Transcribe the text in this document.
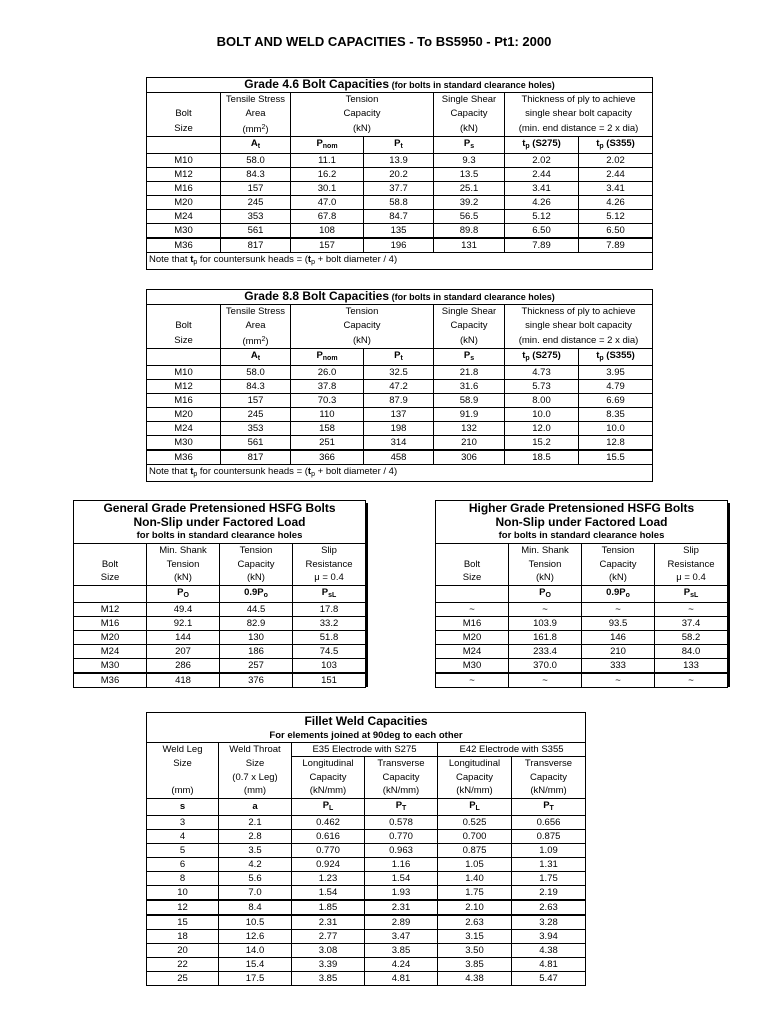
BOLT AND WELD CAPACITIES - To BS5950 - Pt1: 2000
Grade 4.6 Bolt Capacities (for bolts in standard clearance holes)						
	Tensile Stress	Tension		Single Shear	Thickness of ply to achieve	
Bolt	Area	Capacity		Capacity	single shear bolt capacity	
Size	$(mm^2)$	(kN)		(kN)	(min. end distance = 2 x dia)	
	$A_t$	$P_{nom}$	$P_t$	$P_s$	$t_p$ (S275)	$t_p$ (S355)
M10	58.0	11.1	13.9	9.3	2.02	2.02
M12	84.3	16.2	20.2	13.5	2.44	2.44
M16	157	30.1	37.7	25.1	3.41	3.41
M20	245	47.0	58.8	39.2	4.26	4.26
M24	353	67.8	84.7	56.5	5.12	5.12
M30	561	108	135	89.8	6.50	6.50
M36	817	157	196	131	7.89	7.89
Note that $t_p$ for countersunk heads = ($t_p$ + bolt diameter / 4)						
Grade 8.8 Bolt Capacities (for bolts in standard clearance holes)						
	Tensile Stress	Tension		Single Shear	Thickness of ply to achieve	
Bolt	Area	Capacity		Capacity	single shear bolt capacity	
Size	$(mm^2)$	(kN)		(kN)	(min. end distance = 2 x dia)	
	$A_t$	$P_{nom}$	$P_t$	$P_s$	$t_p$ (S275)	$t_p$ (S355)
M10	58.0	26.0	32.5	21.8	4.73	3.95
M12	84.3	37.8	47.2	31.6	5.73	4.79
M16	157	70.3	87.9	58.9	8.00	6.69
M20	245	110	137	91.9	10.0	8.35
M24	353	158	198	132	12.0	10.0
M30	561	251	314	210	15.2	12.8
M36	817	366	458	306	18.5	15.5
Note that $t_p$ for countersunk heads = ($t_p$ + bolt diameter / 4)						
General Grade Pretensioned HSFG Bolts			
Non-Slip under Factored Load			
for bolts in standard clearance holes			
	Min. Shank	Tension	Slip
Bolt	Tension	Capacity	Resistance
Size	(kN)	(kN)	μ = 0.4
	$P_O$	$0.9P_o$	$P_{sL}$
M12	49.4	44.5	17.8
M16	92.1	82.9	33.2
M20	144	130	51.8
M24	207	186	74.5
M30	286	257	103
M36	418	376	151
Higher Grade Pretensioned HSFG Bolts			
Non-Slip under Factored Load			
for bolts in standard clearance holes			
	Min. Shank	Tension	Slip
Bolt	Tension	Capacity	Resistance
Size	(kN)	(kN)	μ = 0.4
	$P_O$	$0.9P_o$	$P_{sL}$
~	~	~	~
M16	103.9	93.5	37.4
M20	161.8	146	58.2
M24	233.4	210	84.0
M30	370.0	333	133
~	~	~	~
Fillet Weld Capacities					
For elements joined at 90deg to each other					
Weld Leg	Weld Throat	E35 Electrode with S275		E42 Electrode with S355	
Size	Size	Longitudinal	Transverse	Longitudinal	Transverse
	(0.7 x Leg)	Capacity	Capacity	Capacity	Capacity
(mm)	(mm)	(kN/mm)	(kN/mm)	(kN/mm)	(kN/mm)
s	a	$P_L$	$P_T$	$P_L$	$P_T$
3	2.1	0.462	0.578	0.525	0.656
4	2.8	0.616	0.770	0.700	0.875
5	3.5	0.770	0.963	0.875	1.09
6	4.2	0.924	1.16	1.05	1.31
8	5.6	1.23	1.54	1.40	1.75
10	7.0	1.54	1.93	1.75	2.19
12	8.4	1.85	2.31	2.10	2.63
15	10.5	2.31	2.89	2.63	3.28
18	12.6	2.77	3.47	3.15	3.94
20	14.0	3.08	3.85	3.50	4.38
22	15.4	3.39	4.24	3.85	4.81
25	17.5	3.85	4.81	4.38	5.47
